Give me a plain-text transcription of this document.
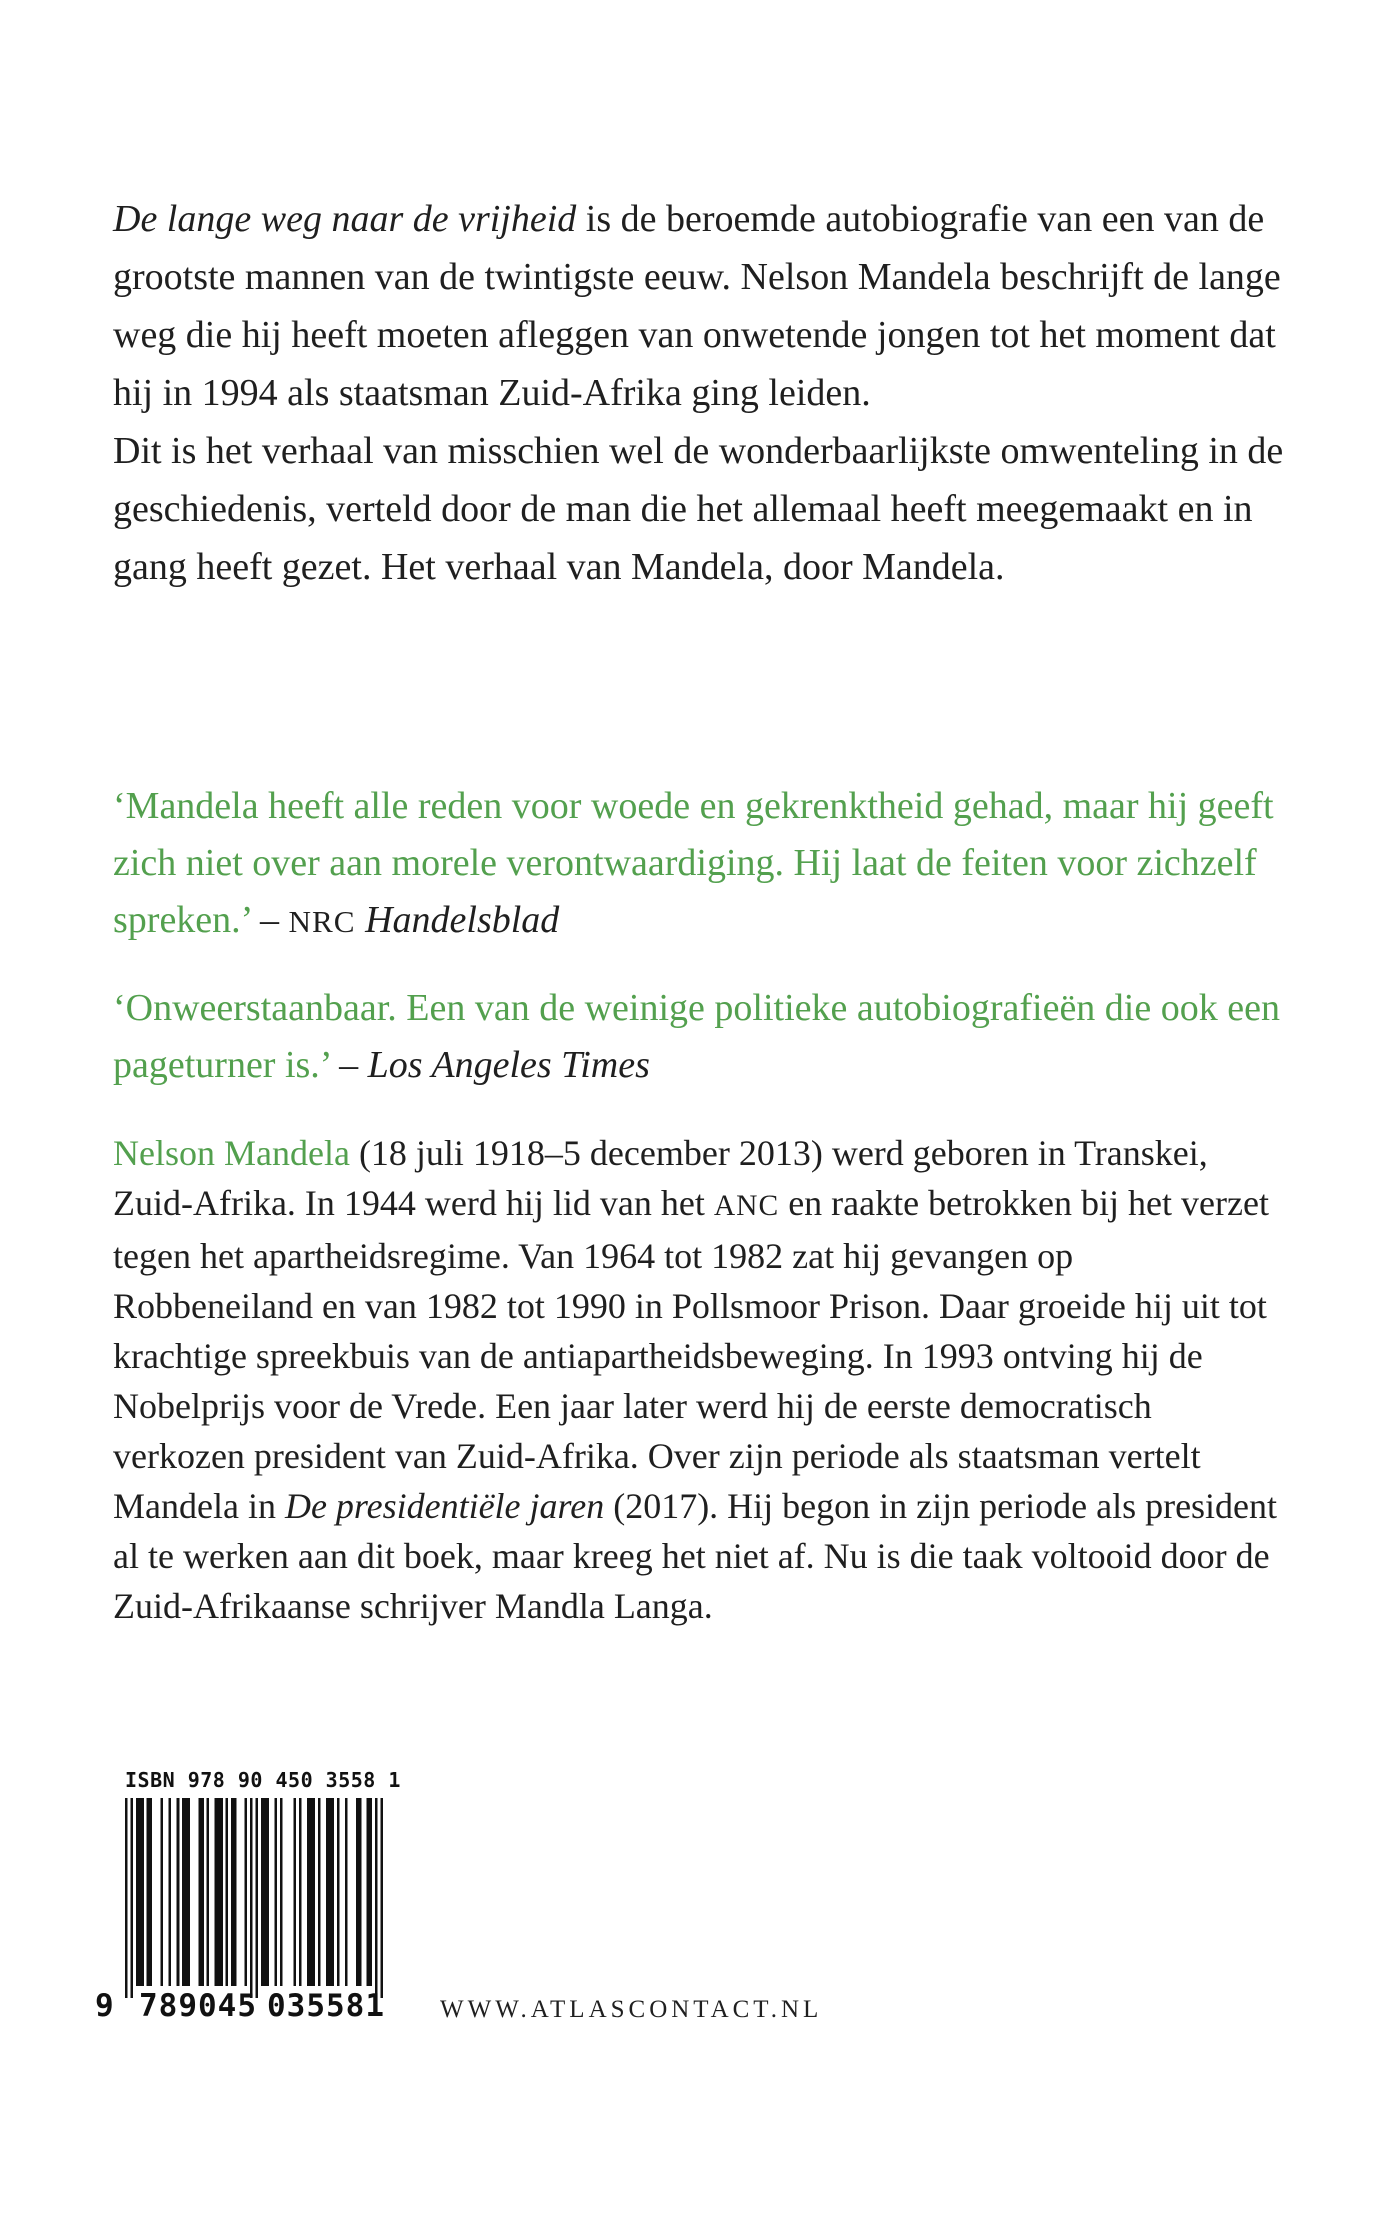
De lange weg naar de vrijheid is de beroemde autobiografie van een van de grootste mannen van de twintigste eeuw. Nelson Mandela beschrijft de lange weg die hij heeft moeten afleggen van onwetende jongen tot het moment dat hij in 1994 als staatsman Zuid-Afrika ging leiden.

Dit is het verhaal van misschien wel de wonderbaarlijkste omwenteling in de geschiedenis, verteld door de man die het allemaal heeft meegemaakt en in gang heeft gezet. Het verhaal van Mandela, door Mandela.

‘Mandela heeft alle reden voor woede en gekrenktheid gehad, maar hij geeft zich niet over aan morele verontwaardiging. Hij laat de feiten voor zichzelf spreken.’ – NRC Handelsblad

‘Onweerstaanbaar. Een van de weinige politieke autobiografieën die ook een pageturner is.’ – Los Angeles Times

Nelson Mandela (18 juli 1918–5 december 2013) werd geboren in Transkei, Zuid-Afrika. In 1944 werd hij lid van het ANC en raakte betrokken bij het verzet tegen het apartheidsregime. Van 1964 tot 1982 zat hij gevangen op Robbeneiland en van 1982 tot 1990 in Pollsmoor Prison. Daar groeide hij uit tot krachtige spreekbuis van de antiapartheidsbeweging. In 1993 ontving hij de Nobelprijs voor de Vrede. Een jaar later werd hij de eerste democratisch verkozen president van Zuid-Afrika. Over zijn periode als staatsman vertelt Mandela in De presidentiële jaren (2017). Hij begon in zijn periode als president al te werken aan dit boek, maar kreeg het niet af. Nu is die taak voltooid door de Zuid-Afrikaanse schrijver Mandla Langa.

ISBN 978 90 450 3558 1
9 789045 035581 WWW.ATLASCONTACT.NL
